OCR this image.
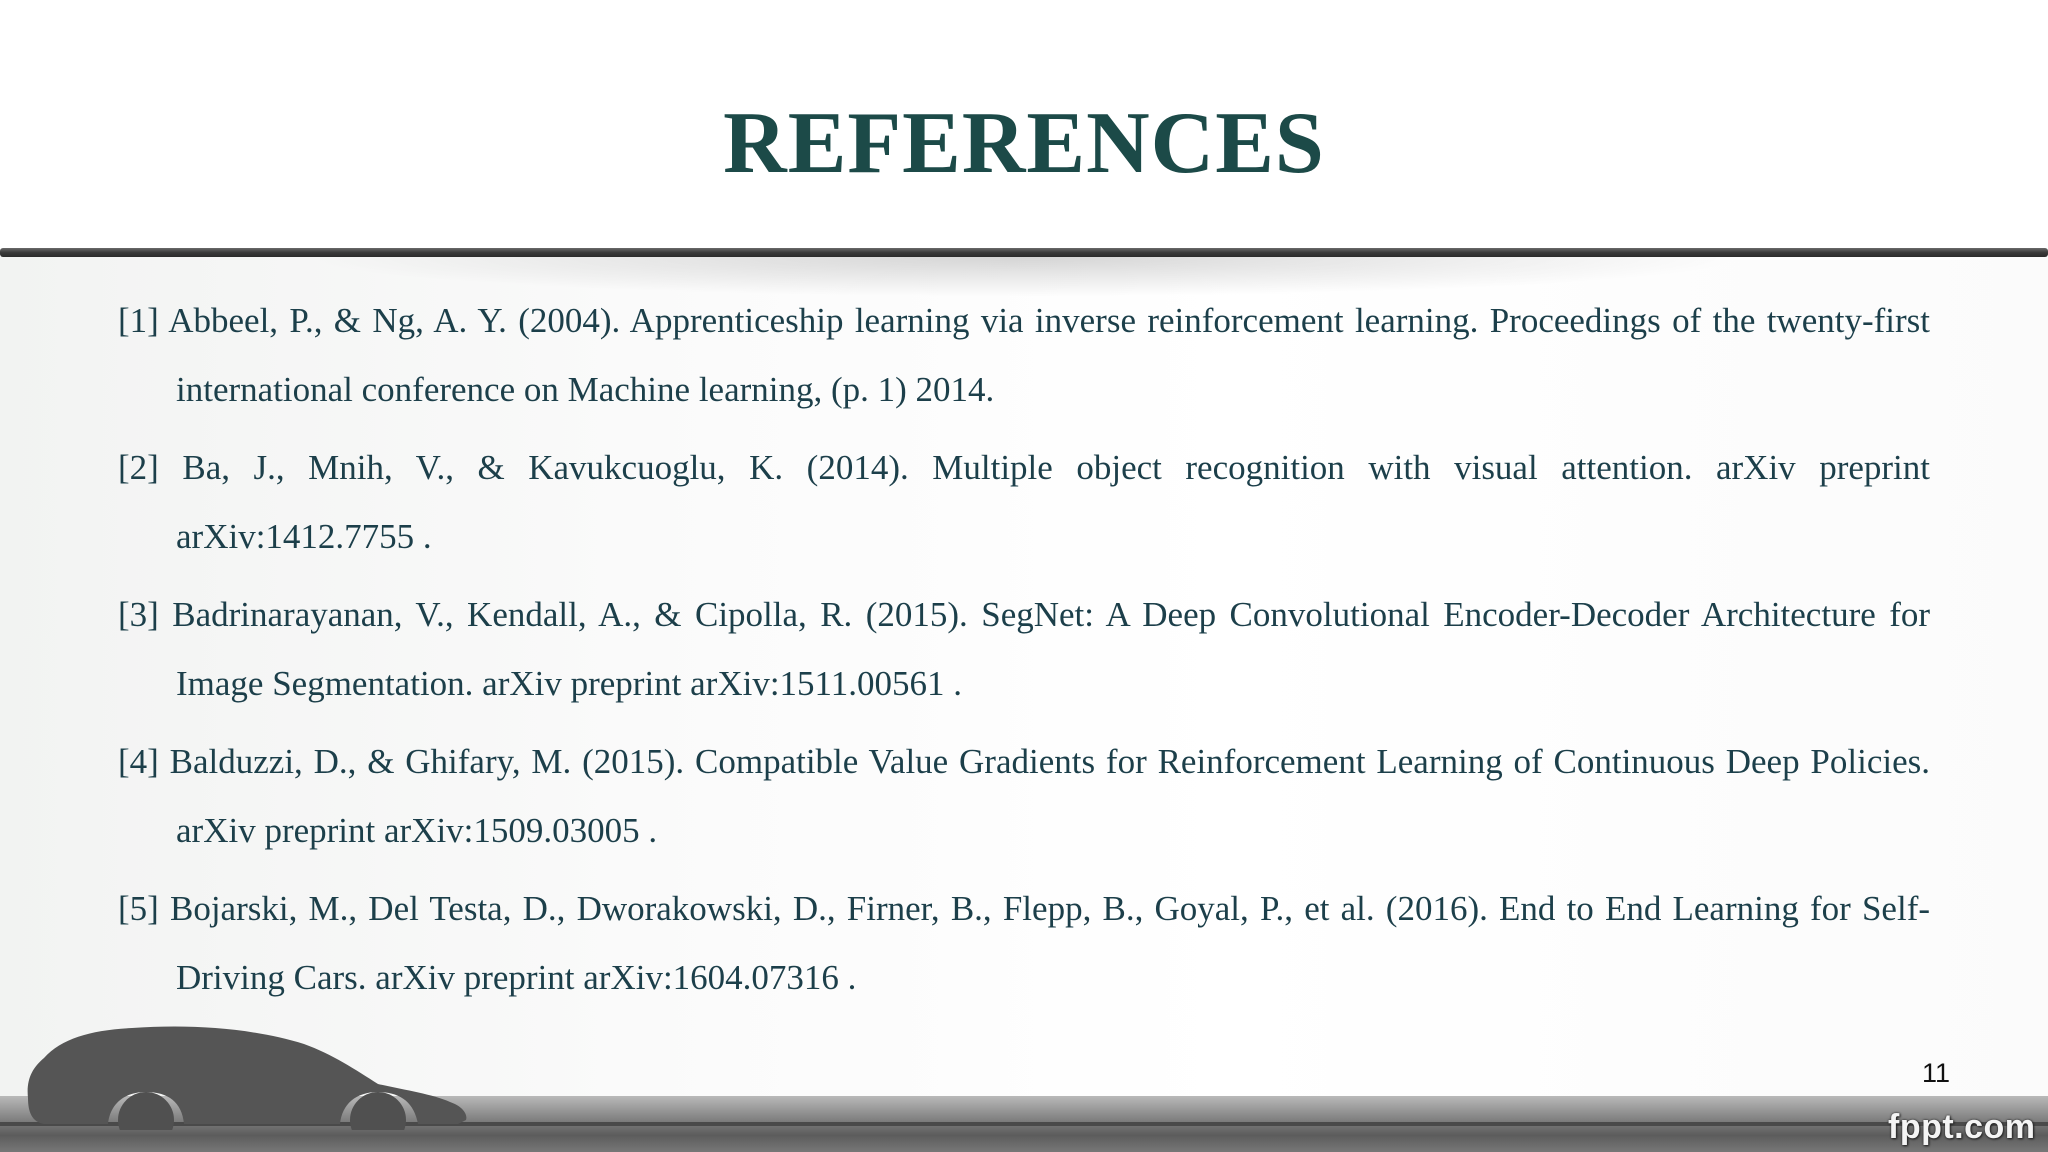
REFERENCES

[1] Abbeel, P., & Ng, A. Y. (2004). Apprenticeship learning via inverse reinforcement learning. Proceedings of the twenty-first international conference on Machine learning, (p. 1) 2014.

[2] Ba, J., Mnih, V., & Kavukcuoglu, K. (2014). Multiple object recognition with visual attention. arXiv preprint arXiv:1412.7755 .

[3] Badrinarayanan, V., Kendall, A., & Cipolla, R. (2015). SegNet: A Deep Convolutional Encoder-Decoder Architecture for Image Segmentation. arXiv preprint arXiv:1511.00561 .

[4] Balduzzi, D., & Ghifary, M. (2015). Compatible Value Gradients for Reinforcement Learning of Continuous Deep Policies. arXiv preprint arXiv:1509.03005 .

[5] Bojarski, M., Del Testa, D., Dworakowski, D., Firner, B., Flepp, B., Goyal, P., et al. (2016). End to End Learning for Self-Driving Cars. arXiv preprint arXiv:1604.07316 .

11
fppt.com
